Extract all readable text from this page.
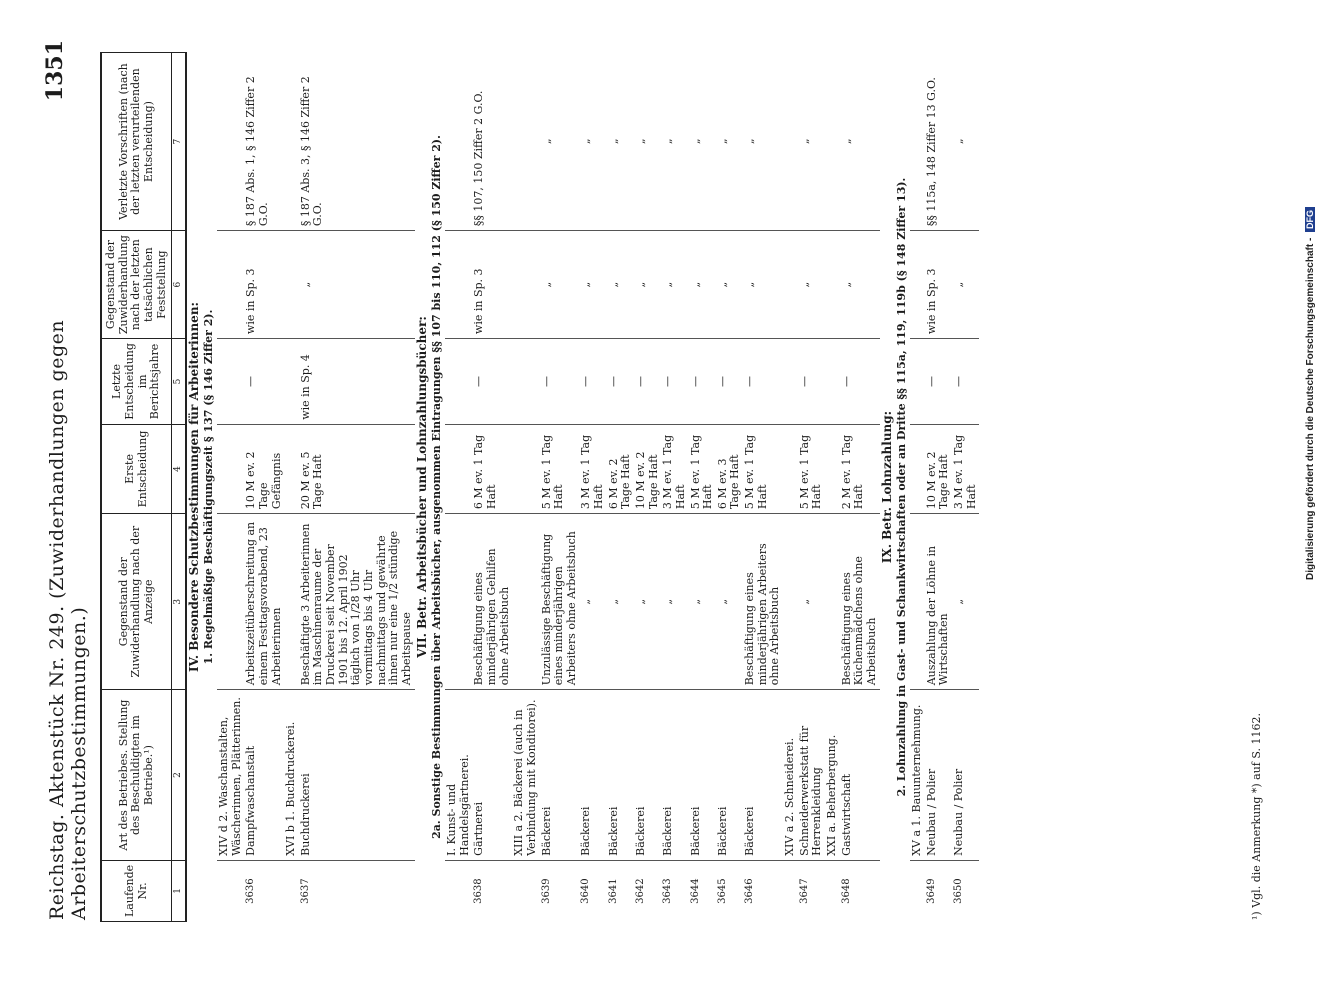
Reichstag. Aktenstück Nr. 249. (Zuwiderhandlungen gegen Arbeiterschutzbestimmungen.)
1351
Laufende Nr.	Art des Betriebes. Stellung des Beschuldigten im Betriebe.¹)	Gegenstand der Zuwiderhandlung nach der Anzeige	Erste Entscheidung	Letzte Entscheidung im Berichtsjahre	Gegenstand der Zuwiderhandlung nach der letzten tatsächlichen Feststellung	Verletzte Vorschriften (nach der letzten verurteilenden Entscheidung)
1	2	3	4	5	6	7
IV. Besondere Schutzbestimmungen für Arbeiterinnen:						
1. Regelmäßige Beschäftigungszeit § 137 (§ 146 Ziffer 2).						
	XIV d 2. Waschanstalten, Wäscherinnen, Plätterinnen.					
3636	Dampfwaschanstalt	Arbeitszeitüberschreitung an einem Festtagsvorabend, 23 Arbeiterinnen	10 M ev. 2 Tage Gefängnis	—	wie in Sp. 3	§ 187 Abs. 1, § 146 Ziffer 2 G.O.
	XVI b 1. Buchdruckerei.					
3637	Buchdruckerei	Beschäftigte 3 Arbeiterinnen im Maschinenraume der Druckerei seit November 1901 bis 12. April 1902 täglich von 1/28 Uhr vormittags bis 4 Uhr nachmittags und gewährte ihnen nur eine 1/2 stündige Arbeitspause	20 M ev. 5 Tage Haft	wie in Sp. 4	„	§ 187 Abs. 3, § 146 Ziffer 2 G.O.
VII. Betr. Arbeitsbücher und Lohnzahlungsbücher:						
2a. Sonstige Bestimmungen über Arbeitsbücher, ausgenommen Eintragungen §§ 107 bis 110, 112 (§ 150 Ziffer 2).						
	I. Kunst- und Handelsgärtnerei.					
3638	Gärtnerei	Beschäftigung eines minderjährigen Gehilfen ohne Arbeitsbuch	6 M ev. 1 Tag Haft	—	wie in Sp. 3	§§ 107, 150 Ziffer 2 G.O.
	XIII a 2. Bäckerei (auch in Verbindung mit Konditorei).					
3639	Bäckerei	Unzulässige Beschäftigung eines minderjährigen Arbeiters ohne Arbeitsbuch	5 M ev. 1 Tag Haft	—	„	„
3640	Bäckerei	„	3 M ev. 1 Tag Haft	—	„	„
3641	Bäckerei	„	6 M ev. 2 Tage Haft	—	„	„
3642	Bäckerei	„	10 M ev. 2 Tage Haft	—	„	„
3643	Bäckerei	„	3 M ev. 1 Tag Haft	—	„	„
3644	Bäckerei	„	5 M ev. 1 Tag Haft	—	„	„
3645	Bäckerei	„	6 M ev. 3 Tage Haft	—	„	„
3646	Bäckerei	Beschäftigung eines minderjährigen Arbeiters ohne Arbeitsbuch	5 M ev. 1 Tag Haft	—	„	„
	XIV a 2. Schneiderei.					
3647	Schneiderwerkstatt für Herrenkleidung	„	5 M ev. 1 Tag Haft	—	„	„
	XXI a. Beherbergung.					
3648	Gastwirtschaft	Beschäftigung eines Küchenmädchens ohne Arbeitsbuch	2 M ev. 1 Tag Haft	—	„	„
IX. Betr. Lohnzahlung:						
2. Lohnzahlung in Gast- und Schankwirtschaften oder an Dritte §§ 115a, 119, 119b (§ 148 Ziffer 13).						
	XV a 1. Bauunternehmung.					
3649	Neubau / Polier	Auszahlung der Löhne in Wirtschaften	10 M ev. 2 Tage Haft	—	wie in Sp. 3	§§ 115a, 148 Ziffer 13 G.O.
3650	Neubau / Polier	„	3 M ev. 1 Tag Haft	—	„	„
¹) Vgl. die Anmerkung *) auf S. 1162.
Digitalisierung gefördert durch die Deutsche Forschungsgemeinschaft - DFG
